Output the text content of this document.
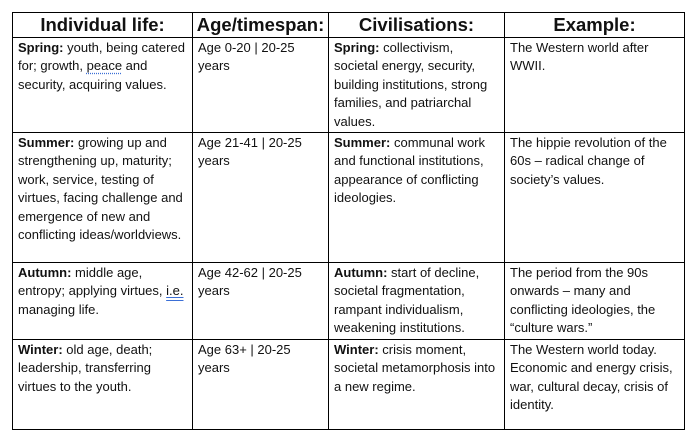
Individual life:	Age/timespan:	Civilisations:	Example:
Spring: youth, being catered for; growth, peace and security, acquiring values.	Age 0-20 | 20-25 years	Spring: collectivism, societal energy, security, building institutions, strong families, and patriarchal values.	The Western world after WWII.
Summer: growing up and strengthening up, maturity; work, service, testing of virtues, facing challenge and emergence of new and conflicting ideas/worldviews.	Age 21-41 | 20-25 years	Summer: communal work and functional institutions, appearance of conflicting ideologies.	The hippie revolution of the 60s – radical change of society’s values.
Autumn: middle age, entropy; applying virtues, i.e. managing life.	Age 42-62 | 20-25 years	Autumn: start of decline, societal fragmentation, rampant individualism, weakening institutions.	The period from the 90s onwards – many and conflicting ideologies, the “culture wars.”
Winter: old age, death; leadership, transferring virtues to the youth.	Age 63+ | 20-25 years	Winter: crisis moment, societal metamorphosis into a new regime.	The Western world today. Economic and energy crisis, war, cultural decay, crisis of identity.
